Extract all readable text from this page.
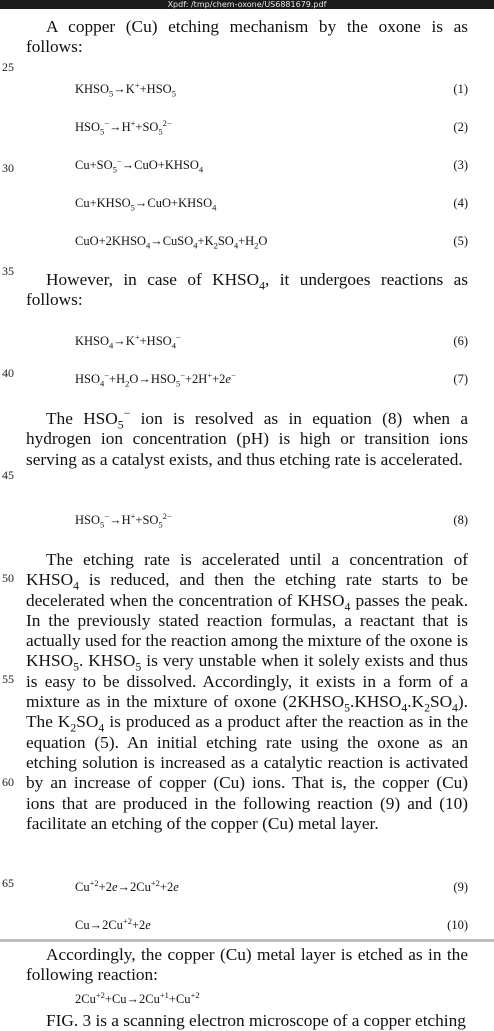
Xpdf: /tmp/chem-oxone/US6881679.pdf
25
30
35
40
45
50
55
60
65

A copper (Cu) etching mechanism by the oxone is as follows:

$KHSO_5\to K^++HSO_5$	(1)
$HSO_5^-\to H^++SO_5^{2-}$	(2)
$Cu+SO_5^-\to CuO+KHSO_4$	(3)
$Cu+KHSO_5\to CuO+KHSO_4$	(4)
$CuO+2KHSO_4\to CuSO_4+K_2SO_4+H_2O$	(5)

However, in case of $KHSO_4$, it undergoes reactions as follows:

$KHSO_4\to K^++HSO_4^-$	(6)
$HSO_4^-+H_2O\to HSO_5^-+2H^++2e^-$	(7)

The $HSO_5^-$ ion is resolved as in equation (8) when a hydrogen ion concentration (pH) is high or transition ions serving as a catalyst exists, and thus etching rate is accelerated.

$HSO_5^-\to H^++SO_5^{2-}$	(8)

The etching rate is accelerated until a concentration of $KHSO_4$ is reduced, and then the etching rate starts to be decelerated when the concentration of $KHSO_4$ passes the peak. In the previously stated reaction formulas, a reactant that is actually used for the reaction among the mixture of the oxone is $KHSO_5$. $KHSO_5$ is very unstable when it solely exists and thus is easy to be dissolved. Accordingly, it exists in a form of a mixture as in the mixture of oxone $(2KHSO_5.KHSO_4.K_2SO_4)$. The $K_2SO_4$ is produced as a product after the reaction as in the equation (5). An initial etching rate using the oxone as an etching solution is increased as a catalytic reaction is activated by an increase of copper (Cu) ions. That is, the copper (Cu) ions that are produced in the following reaction (9) and (10) facilitate an etching of the copper (Cu) metal layer.

$Cu^{+2}+2e\to 2Cu^{+2}+2e$	(9)
$Cu\to 2Cu^{+2}+2e$	(10)

Accordingly, the copper (Cu) metal layer is etched as in the following reaction:

$2Cu^{+2}+Cu\to 2Cu^{+1}+Cu^{+2}$
FIG. 3 is a scanning electron microscope of a copper etching
